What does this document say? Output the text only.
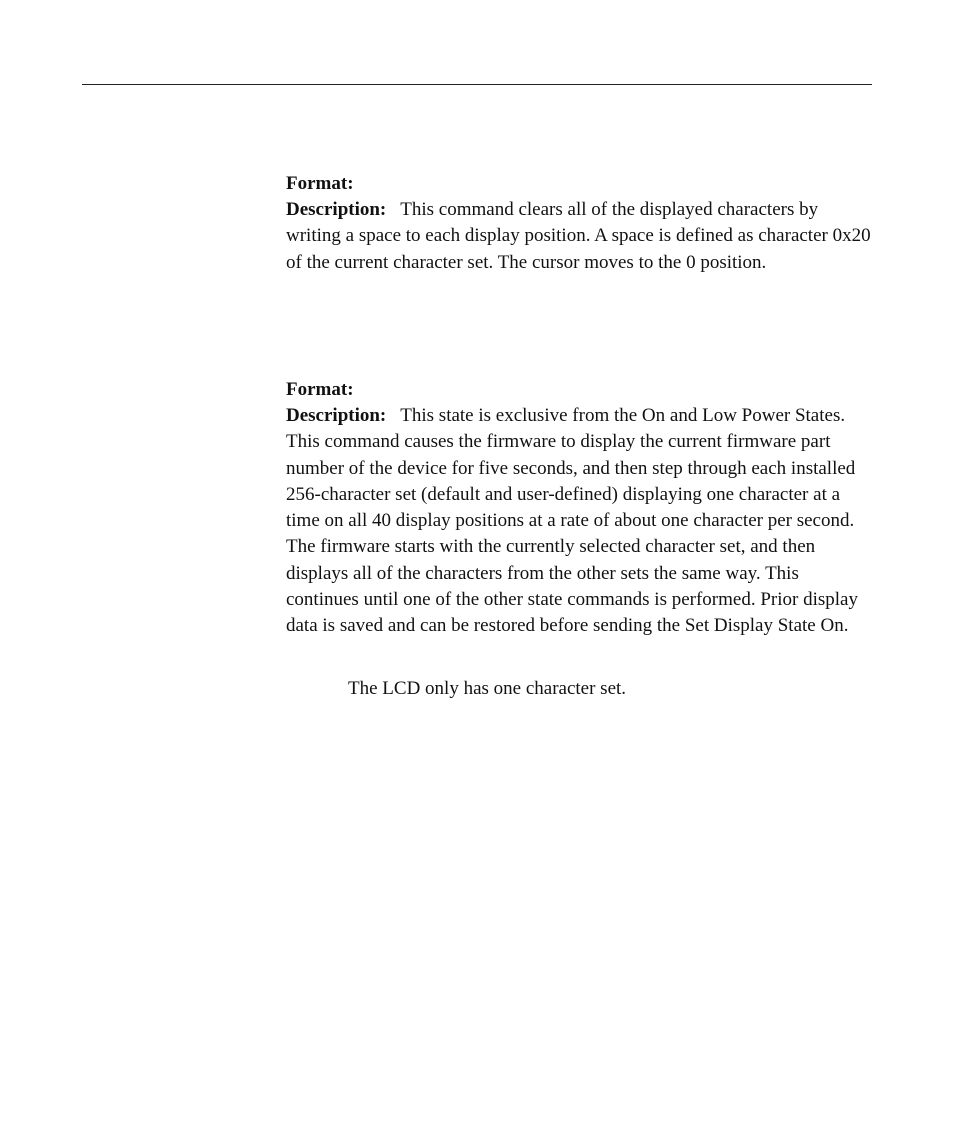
Format:

Description: This command clears all of the displayed characters by writing a space to each display position. A space is defined as character 0x20 of the current character set. The cursor moves to the 0 position.

Format:

Description: This state is exclusive from the On and Low Power States. This command causes the firmware to display the current firmware part number of the device for five seconds, and then step through each installed 256-character set (default and user-defined) displaying one character at a time on all 40 display positions at a rate of about one character per second. The firmware starts with the currently selected character set, and then displays all of the characters from the other sets the same way. This continues until one of the other state commands is performed. Prior display data is saved and can be restored before sending the Set Display State On.

The LCD only has one character set.
